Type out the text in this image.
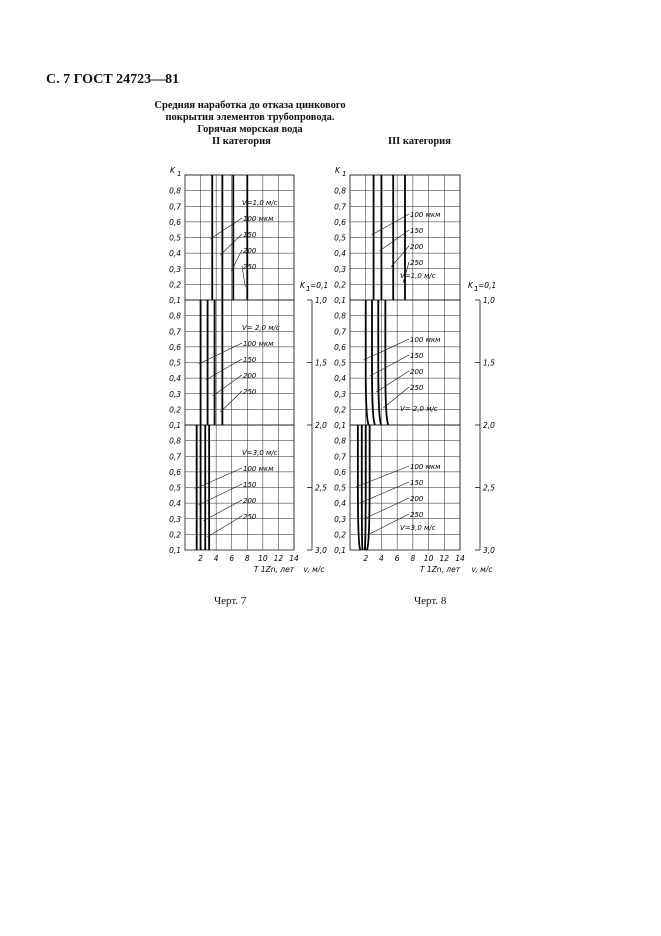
С. 7 ГОСТ 24723—81
Средняя наработка до отказа цинкового
покрытия элементов трубопровода.
Горячая морская вода
II категория	III категория
Черт. 7	Черт. 8
K 1
0,1
0,2
0,3
0,4
0,5
0,6
0,7
0,8
V=1,0 м/с
100 мкм
150
200
250
0,1
0,2
0,3
0,4
0,5
0,6
0,7
0,8
V= 2,0 м/с
100 мкм
150
200
250
0,1
0,2
0,3
0,4
0,5
0,6
0,7
0,8
V=3,0 м/с
100 мкм
150
200
250
2 4 6 8 10 12 14
T 1Zn, лет
K 1
0,1
0,2
0,3
0,4
0,5
0,6
0,7
0,8
V=1,0 м/с
100 мкм
150
200
250
0,1
0,2
0,3
0,4
0,5
0,6
0,7
0,8
V= 2,0 м/с
100 мкм
150
200
250
0,1
0,2
0,3
0,4
0,5
0,6
0,7
0,8
V=3,0 м/с
100 мкм
150
200
250
2 4 6 8 10 12 14
T 1Zn, лет
K 1 =0,1
1,0
1,5
2,0
2,5
3,0
v, м/с
K 1 =0,1
1,0
1,5
2,0
2,5
3,0
v, м/с
